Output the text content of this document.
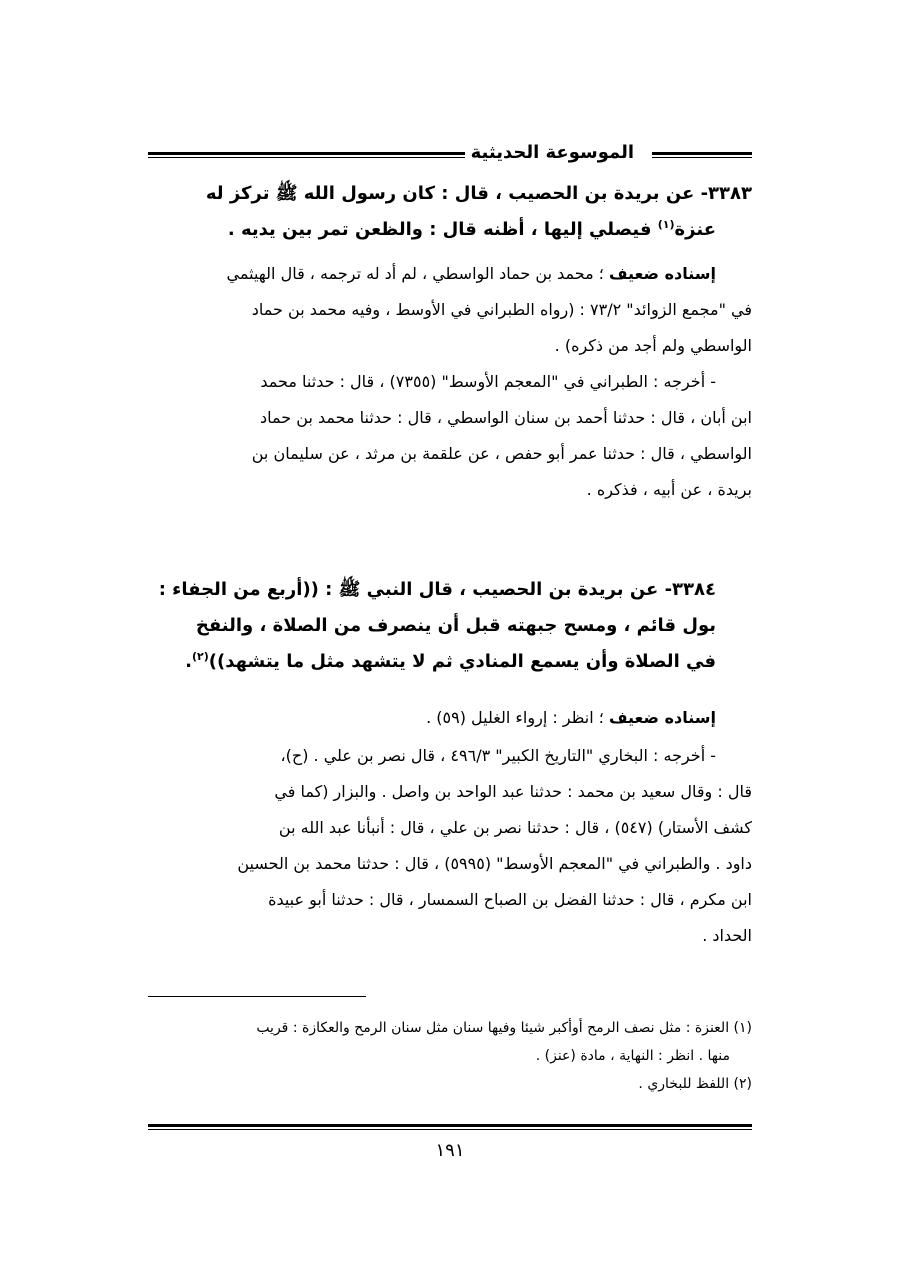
الموسوعة الحديثية
٣٣٨٣- عن بريدة بن الحصيب ، قال : كان رسول الله ﷺ تركز له
عنزة$^{(١)}$ فيصلي إليها ، أظنه قال : والظعن تمر بين يديه .
إسناده ضعيف ؛ محمد بن حماد الواسطي ، لم أد له ترجمه ، قال الهيثمي
في "مجمع الزوائد" ٧٣/٢ : (رواه الطبراني في الأوسط ، وفيه محمد بن حماد
الواسطي ولم أجد من ذكره) .
- أخرجه : الطبراني في "المعجم الأوسط" (٧٣٥٥) ، قال : حدثنا محمد
ابن أبان ، قال : حدثنا أحمد بن سنان الواسطي ، قال : حدثنا محمد بن حماد
الواسطي ، قال : حدثنا عمر أبو حفص ، عن علقمة بن مرثد ، عن سليمان بن
بريدة ، عن أبيه ، فذكره .
٣٣٨٤- عن بريدة بن الحصيب ، قال النبي ﷺ : ((أربع من الجفاء :
بول قائم ، ومسح جبهته قبل أن ينصرف من الصلاة ، والنفخ
في الصلاة وأن يسمع المنادي ثم لا يتشهد مثل ما يتشهد))$^{(٢)}$.
إسناده ضعيف ؛ انظر : إرواء الغليل (٥٩) .
- أخرجه : البخاري "التاريخ الكبير" ٤٩٦/٣ ، قال نصر بن علي . (ح)،
قال : وقال سعيد بن محمد : حدثنا عبد الواحد بن واصل . والبزار (كما في
كشف الأستار) (٥٤٧) ، قال : حدثنا نصر بن علي ، قال : أنبأنا عبد الله بن
داود . والطبراني في "المعجم الأوسط" (٥٩٩٥) ، قال : حدثنا محمد بن الحسين
ابن مكرم ، قال : حدثنا الفضل بن الصباح السمسار ، قال : حدثنا أبو عبيدة
الحداد .
(١) العنزة : مثل نصف الرمح أوأكبر شيئا وفيها سنان مثل سنان الرمح والعكازة : قريب
منها . انظر : النهاية ، مادة (عنز) .
(٢) اللفظ للبخاري .
١٩١
